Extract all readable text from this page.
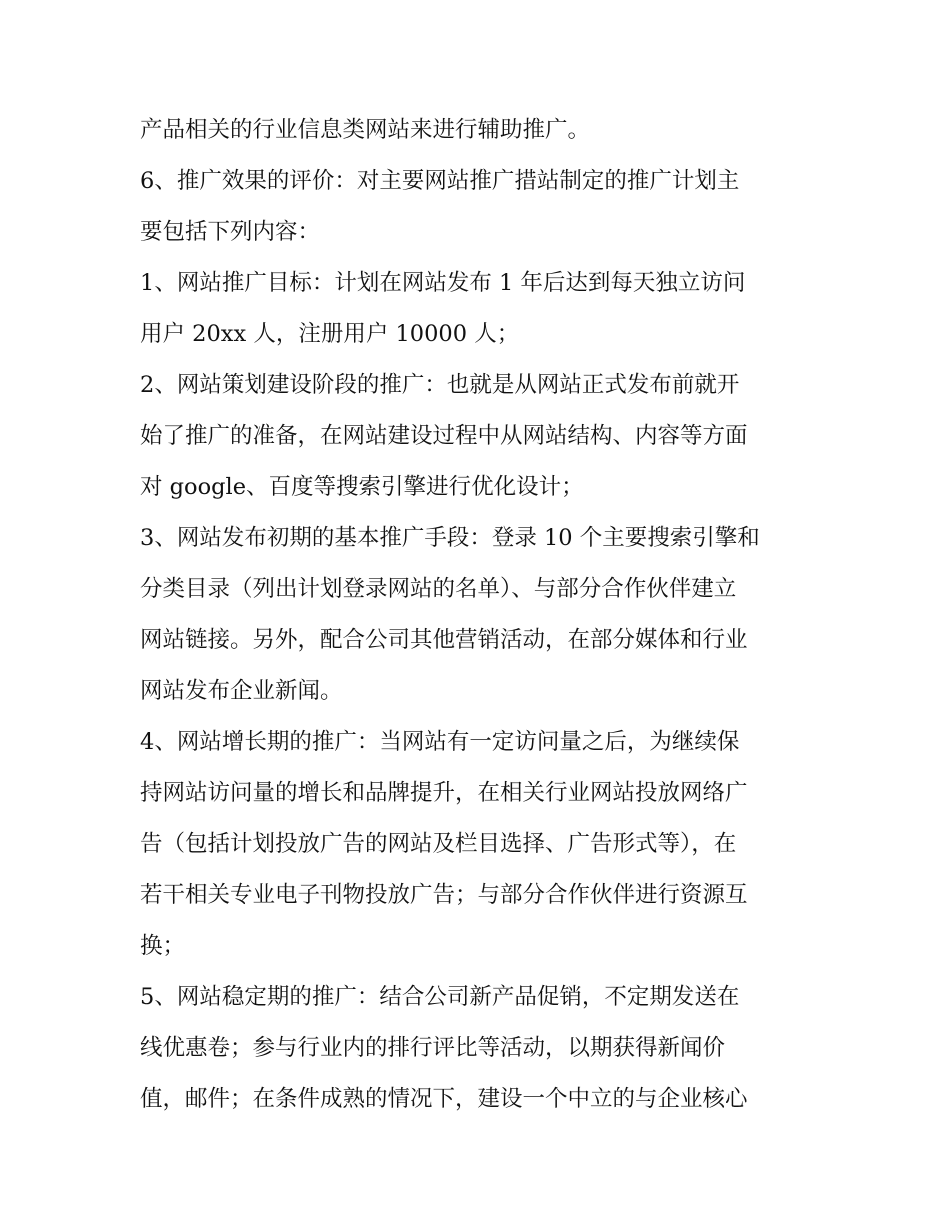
产品相关的行业信息类网站来进行辅助推广。
6、推广效果的评价：对主要网站推广措站制定的推广计划主
要包括下列内容：
1、网站推广目标：计划在网站发布 1 年后达到每天独立访问
用户 20xx 人，注册用户 10000 人；
2、网站策划建设阶段的推广：也就是从网站正式发布前就开
始了推广的准备，在网站建设过程中从网站结构、内容等方面
对 google、百度等搜索引擎进行优化设计；
3、网站发布初期的基本推广手段：登录 10 个主要搜索引擎和
分类目录（列出计划登录网站的名单）、与部分合作伙伴建立
网站链接。另外，配合公司其他营销活动，在部分媒体和行业
网站发布企业新闻。
4、网站增长期的推广：当网站有一定访问量之后，为继续保
持网站访问量的增长和品牌提升，在相关行业网站投放网络广
告（包括计划投放广告的网站及栏目选择、广告形式等），在
若干相关专业电子刊物投放广告；与部分合作伙伴进行资源互
换；
5、网站稳定期的推广：结合公司新产品促销，不定期发送在
线优惠卷；参与行业内的排行评比等活动，以期获得新闻价
值，邮件；在条件成熟的情况下，建设一个中立的与企业核心
